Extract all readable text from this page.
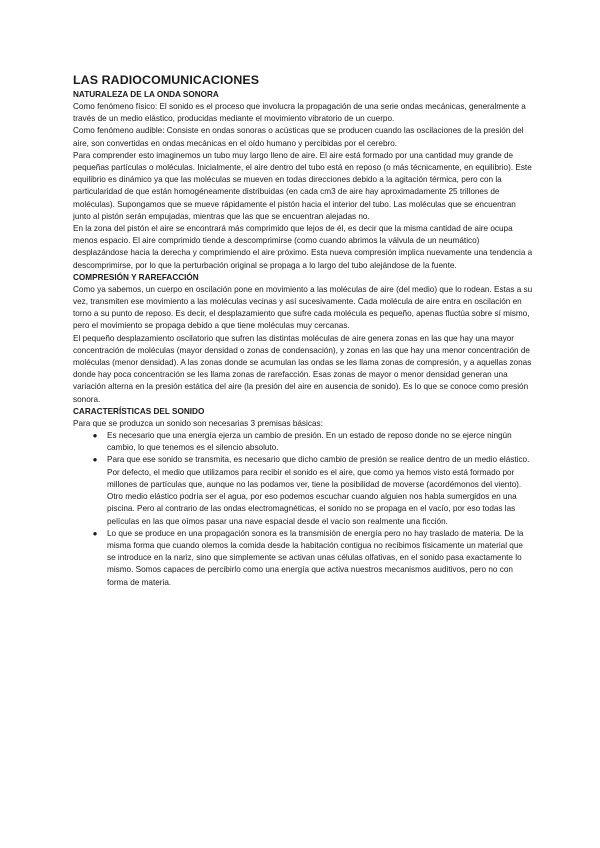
LAS RADIOCOMUNICACIONES
NATURALEZA DE LA ONDA SONORA

Como fenómeno físico: El sonido es el proceso que involucra la propagación de una serie ondas mecánicas, generalmente a través de un medio elástico, producidas mediante el movimiento vibratorio de un cuerpo.

Como fenómeno audible: Consiste en ondas sonoras o acústicas que se producen cuando las oscilaciones de la presión del aire, son convertidas en ondas mecánicas en el oído humano y percibidas por el cerebro.

Para comprender esto imaginemos un tubo muy largo lleno de aire. El aire está formado por una cantidad muy grande de pequeñas partículas o moléculas. Inicialmente, el aire dentro del tubo está en reposo (o más técnicamente, en equilibrio). Este equilibrio es dinámico ya que las moléculas se mueven en todas direcciones debido a la agitación térmica, pero con la particularidad de que están homogéneamente distribuidas (en cada cm3 de aire hay aproximadamente 25 trillones de moléculas). Supongamos que se mueve rápidamente el pistón hacia el interior del tubo. Las moléculas que se encuentran junto al pistón serán empujadas, mientras que las que se encuentran alejadas no.

En la zona del pistón el aire se encontrará más comprimido que lejos de él, es decir que la misma cantidad de aire ocupa menos espacio. El aire comprimido tiende a descomprimirse (como cuando abrimos la válvula de un neumático) desplazándose hacia la derecha y comprimiendo el aire próximo. Esta nueva compresión implica nuevamente una tendencia a descomprimirse, por lo que la perturbación original se propaga a lo largo del tubo alejándose de la fuente.

COMPRESIÓN Y RAREFACCIÓN

Como ya sabemos, un cuerpo en oscilación pone en movimiento a las moléculas de aire (del medio) que lo rodean. Estas a su vez, transmiten ese movimiento a las moléculas vecinas y así sucesivamente. Cada molécula de aire entra en oscilación en torno a su punto de reposo. Es decir, el desplazamiento que sufre cada molécula es pequeño, apenas fluctúa sobre sí mismo, pero el movimiento se propaga debido a que tiene moléculas muy cercanas.

El pequeño desplazamiento oscilatorio que sufren las distintas moléculas de aire genera zonas en las que hay una mayor concentración de moléculas (mayor densidad o zonas de condensación), y zonas en las que hay una menor concentración de moléculas (menor densidad). A las zonas donde se acumulan las ondas se les llama zonas de compresión, y a aquellas zonas donde hay poca concentración se les llama zonas de rarefacción. Esas zonas de mayor o menor densidad generan una variación alterna en la presión estática del aire (la presión del aire en ausencia de sonido). Es lo que se conoce como presión sonora.

CARACTERÍSTICAS DEL SONIDO

Para que se produzca un sonido son necesarias 3 premisas básicas:

●	Es necesario que una energía ejerza un cambio de presión. En un estado de reposo donde no se ejerce ningún cambio, lo que tenemos es el silencio absoluto.
●	Para que ese sonido se transmita, es necesario que dicho cambio de presión se realice dentro de un medio elástico. Por defecto, el medio que utilizamos para recibir el sonido es el aire, que como ya hemos visto está formado por millones de partículas que, aunque no las podamos ver, tiene la posibilidad de moverse (acordémonos del viento). Otro medio elástico podría ser el agua, por eso podemos escuchar cuando alguien nos habla sumergidos en una piscina. Pero al contrario de las ondas electromagnéticas, el sonido no se propaga en el vacío, por eso todas las películas en las que oímos pasar una nave espacial desde el vacío son realmente una ficción.
●	Lo que se produce en una propagación sonora es la transmisión de energía pero no hay traslado de materia. De la misma forma que cuando olemos la comida desde la habitación contigua no recibimos físicamente un material que se introduce en la nariz, sino que simplemente se activan unas células olfativas, en el sonido pasa exactamente lo mismo. Somos capaces de percibirlo como una energía que activa nuestros mecanismos auditivos, pero no con forma de materia.
